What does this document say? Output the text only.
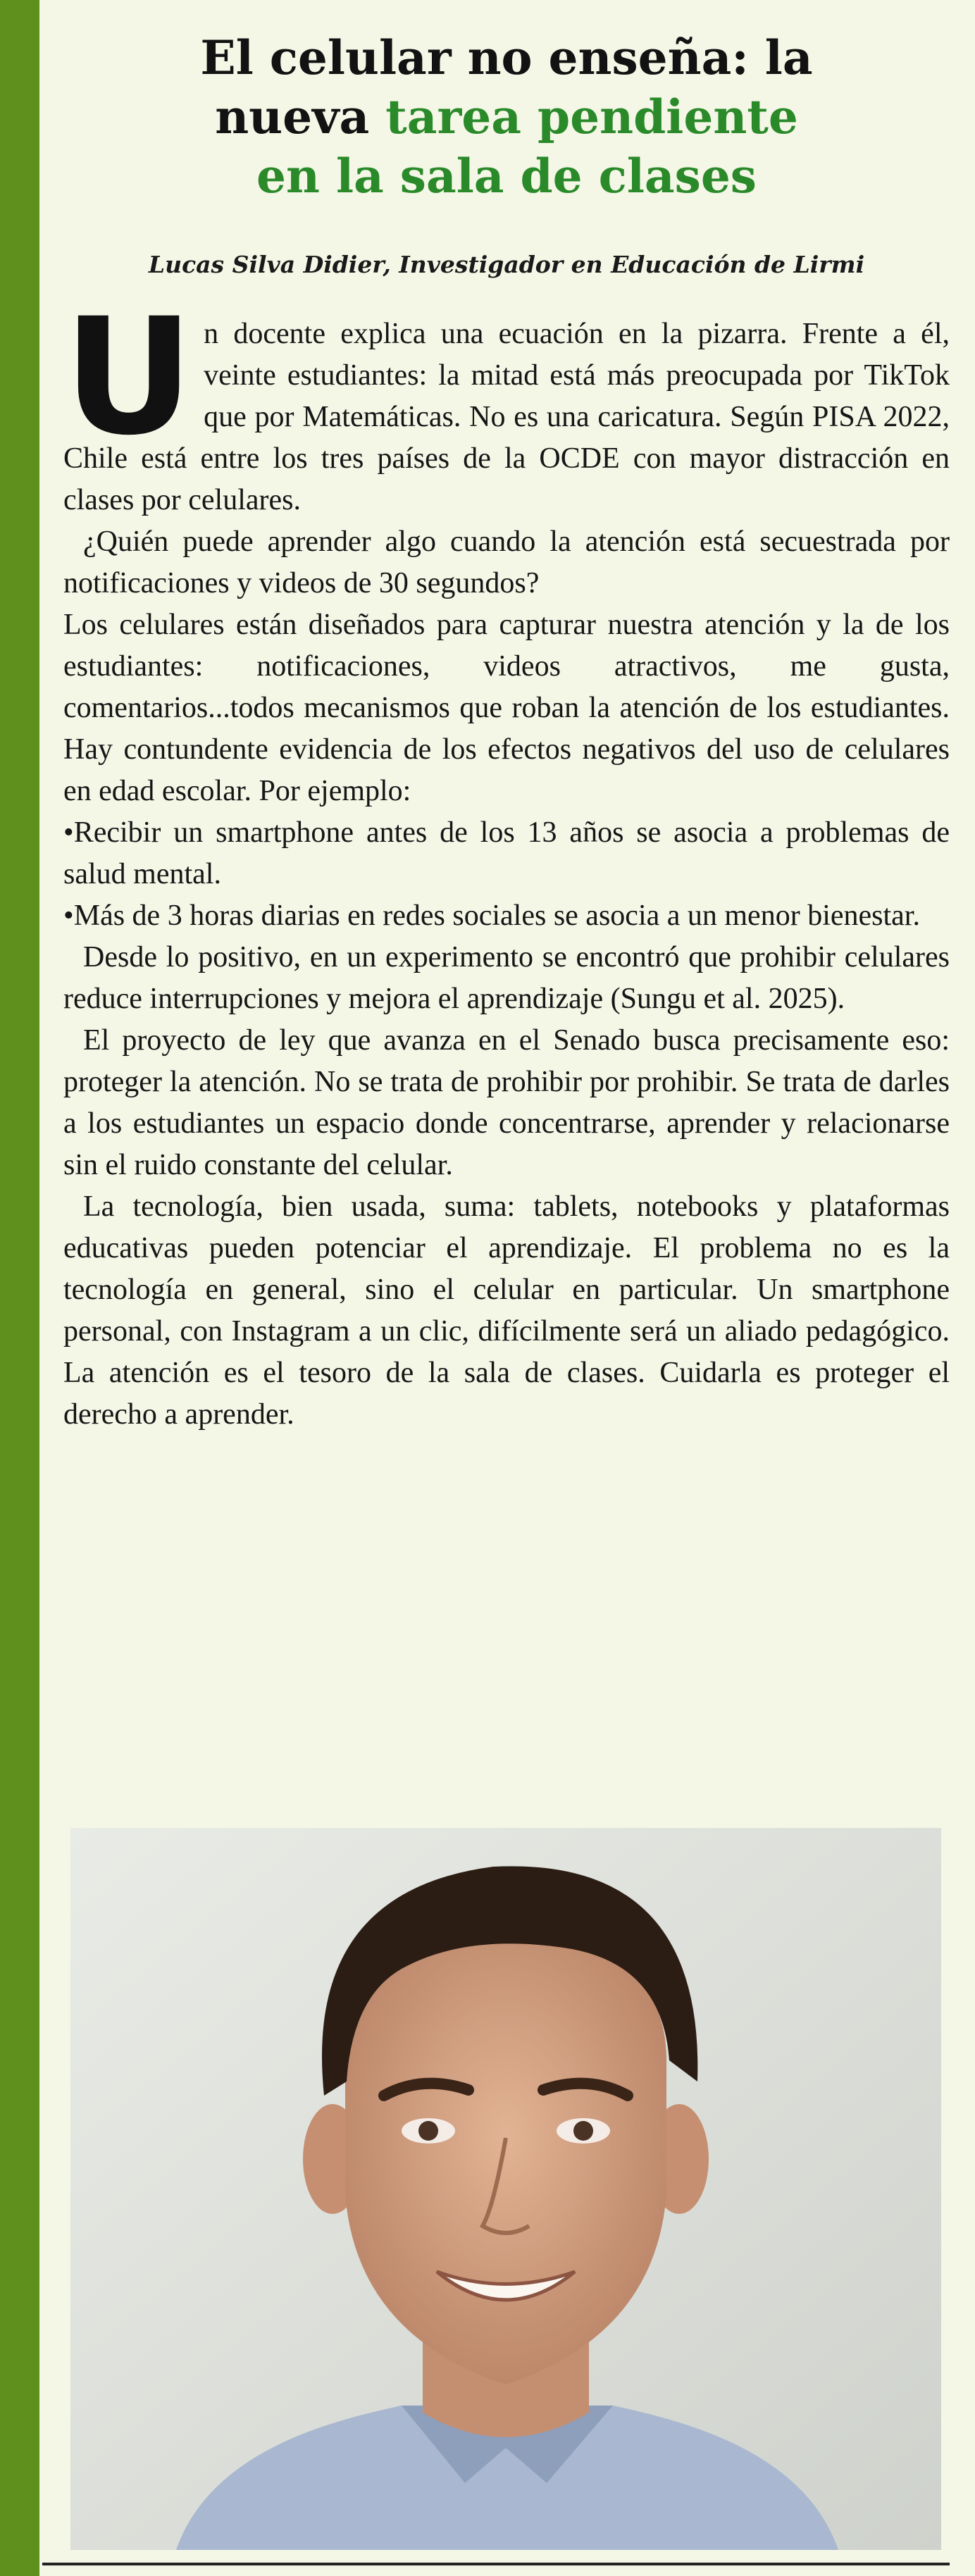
El celular no enseña: la
nueva tarea pendiente
en la sala de clases
Lucas Silva Didier, Investigador en Educación de Lirmi

Un docente explica una ecuación en la pizarra. Frente a él, veinte estudiantes: la mitad está más preocupada por TikTok que por Matemáticas. No es una caricatura. Según PISA 2022, Chile está entre los tres países de la OCDE con mayor distracción en clases por celulares.

¿Quién puede aprender algo cuando la atención está secuestrada por notificaciones y videos de 30 segundos?

Los celulares están diseñados para capturar nuestra atención y la de los estudiantes: notificaciones, videos atractivos, me gusta, comentarios...todos mecanismos que roban la atención de los estudiantes. Hay contundente evidencia de los efectos negativos del uso de celulares en edad escolar. Por ejemplo:

• Recibir un smartphone antes de los 13 años se asocia a problemas de salud mental.

• Más de 3 horas diarias en redes sociales se asocia a un menor bienestar.

Desde lo positivo, en un experimento se encontró que prohibir celulares reduce interrupciones y mejora el aprendizaje (Sungu et al. 2025).

El proyecto de ley que avanza en el Senado busca precisamente eso: proteger la atención. No se trata de prohibir por prohibir. Se trata de darles a los estudiantes un espacio donde concentrarse, aprender y relacionarse sin el ruido constante del celular.

La tecnología, bien usada, suma: tablets, notebooks y plataformas educativas pueden potenciar el aprendizaje. El problema no es la tecnología en general, sino el celular en particular. Un smartphone personal, con Instagram a un clic, difícilmente será un aliado pedagógico. La atención es el tesoro de la sala de clases. Cuidarla es proteger el derecho a aprender.
